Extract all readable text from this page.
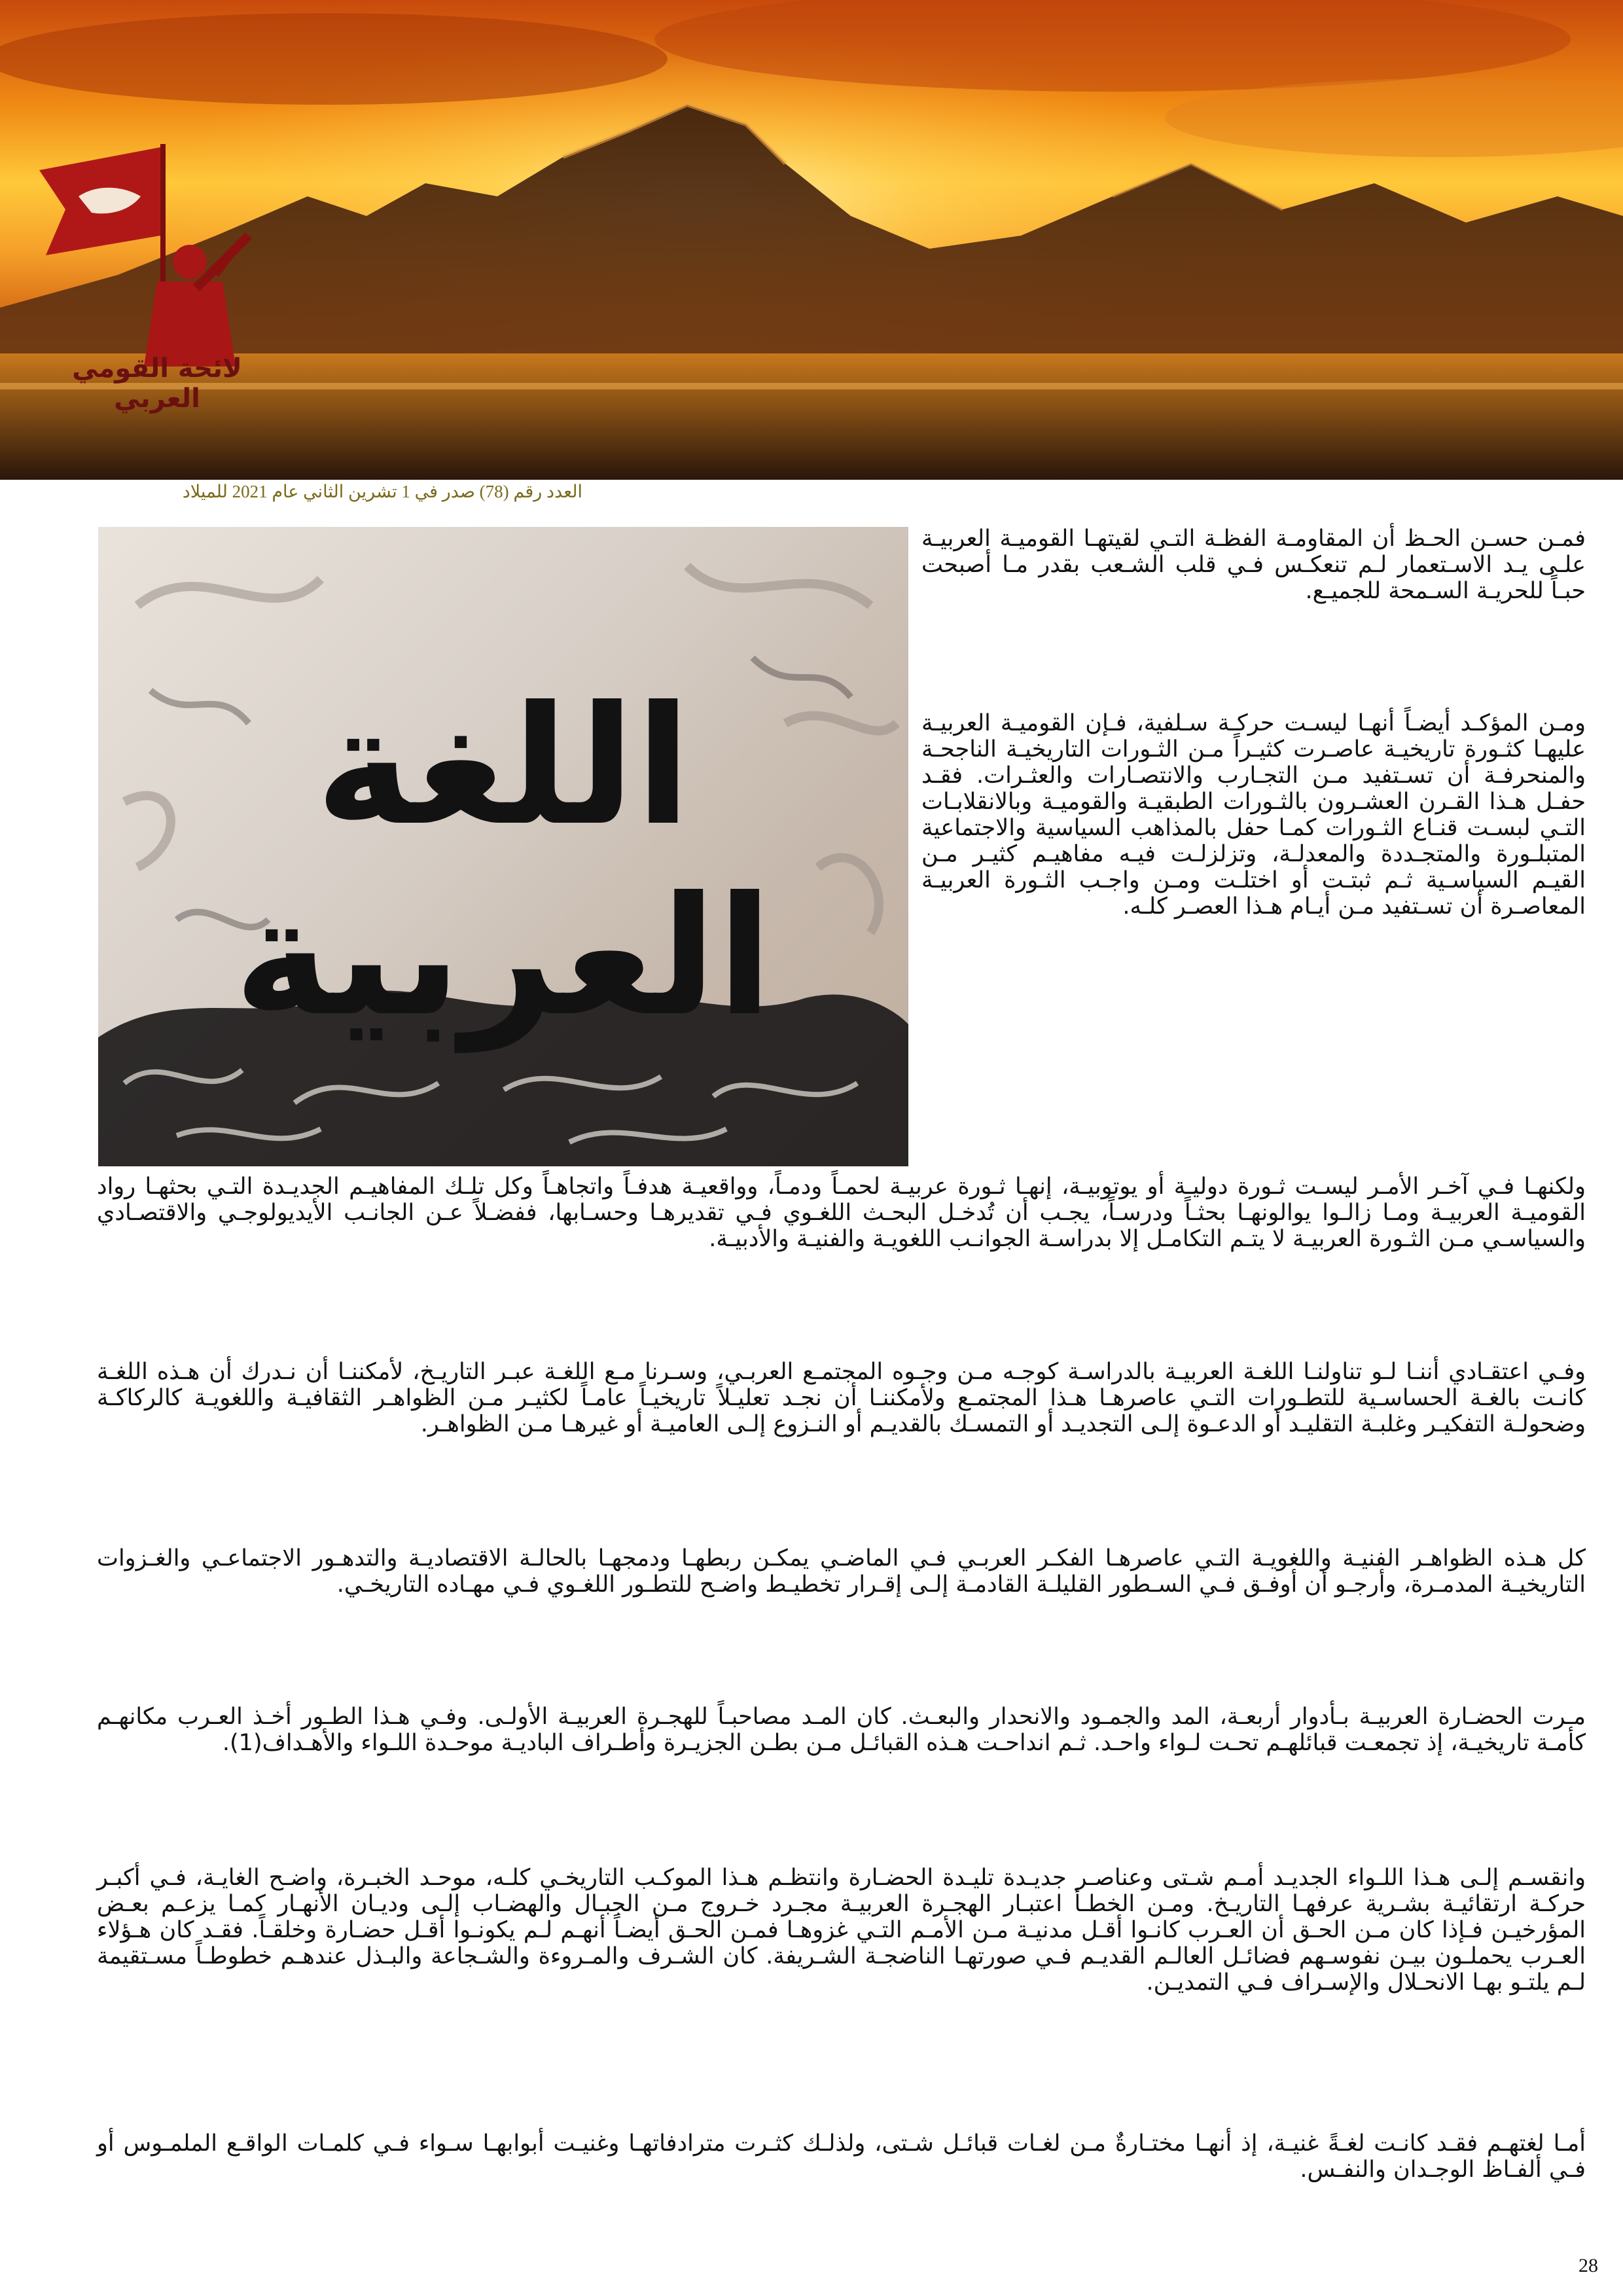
لائحة القومي العربي
العدد رقم (78) صدر في 1 تشرين الثاني عام 2021 للميلاد
اللغة العربية

فمـن حسـن الحـظ أن المقاومـة الفظـة التـي لقيتهـا القوميـة العربيـة علـى يـد الاسـتعمار لـم تنعكـس فـي قلب الشـعب بقدر مـا أصبحت حبـاً للحريـة السـمحة للجميـع.

ومـن المؤكـد أيضـاً أنهـا ليسـت حركـة سـلفية، فـإن القوميـة العربيـة عليهـا كثـورة تاريخيـة عاصـرت كثيـراً مـن الثـورات التاريخيـة الناجحـة والمنحرفـة أن تسـتفيد مـن التجـارب والانتصـارات والعثـرات. فقـد حفـل هـذا القـرن العشـرون بالثـورات الطبقيـة والقوميـة وبالانقلابـات التـي لبسـت قنـاع الثـورات كمـا حفل بالمذاهب السياسية والاجتماعية المتبلـورة والمتجـددة والمعدلـة، وتزلزلـت فيـه مفاهيـم كثيـر مـن القيـم السياسـية ثـم ثبتـت أو اختلـت ومـن واجـب الثـورة العربيـة المعاصـرة أن تسـتفيد مـن أيـام هـذا العصـر كلـه.

ولكنهـا فـي آخـر الأمـر ليسـت ثـورة دوليـة أو يوتوبيـة، إنهـا ثـورة عربيـة لحمـاً ودمـاً، وواقعيـة هدفـاً واتجاهـاً وكل تلـك المفاهيـم الجديـدة التـي بحثهـا رواد القوميـة العربيـة ومـا زالـوا يوالونهـا بحثـاً ودرسـاً، يجـب أن تُدخـل البحـث اللغـوي فـي تقديرهـا وحسـابها، ففضـلاً عـن الجانـب الأيديولوجـي والاقتصـادي والسياسـي مـن الثـورة العربيـة لا يتـم التكامـل إلا بدراسـة الجوانـب اللغويـة والفنيـة والأدبيـة.

وفـي اعتقـادي أننـا لـو تناولنـا اللغـة العربيـة بالدراسـة كوجـه مـن وجـوه المجتمـع العربـي، وسـرنا مـع اللغـة عبـر التاريـخ، لأمكننـا أن نـدرك أن هـذه اللغـة كانـت بالغـة الحساسـية للتطـورات التـي عاصرهـا هـذا المجتمـع ولأمكننـا أن نجـد تعليـلاً تاريخيـاً عامـاً لكثيـر مـن الظواهـر الثقافيـة واللغويـة كالركاكـة وضحولـة التفكيـر وغلبـة التقليـد أو الدعـوة إلـى التجديـد أو التمسـك بالقديـم أو النـزوع إلـى العاميـة أو غيرهـا مـن الظواهـر.

كل هـذه الظواهـر الفنيـة واللغويـة التـي عاصرهـا الفكـر العربـي فـي الماضـي يمكـن ربطهـا ودمجهـا بالحالـة الاقتصاديـة والتدهـور الاجتماعـي والغـزوات التاريخيـة المدمـرة، وأرجـو أن أوفـق فـي السـطور القليلـة القادمـة إلـى إقـرار تخطيـط واضـح للتطـور اللغـوي فـي مهـاده التاريخـي.

مـرت الحضـارة العربيـة بـأدوار أربعـة، المد والجمـود والانحدار والبعـث. كان المـد مصاحبـاً للهجـرة العربيـة الأولـى. وفـي هـذا الطـور أخـذ العـرب مكانهـم كأمـة تاريخيـة، إذ تجمعـت قبائلهـم تحـت لـواء واحـد. ثـم انداحـت هـذه القبائـل مـن بطـن الجزيـرة وأطـراف الباديـة موحـدة اللـواء والأهـداف(1).

وانقسـم إلـى هـذا اللـواء الجديـد أمـم شـتى وعناصـر جديـدة تليـدة الحضـارة وانتظـم هـذا الموكـب التاريخـي كلـه، موحـد الخبـرة، واضـح الغايـة، فـي أكبـر حركـة ارتقائيـة بشـرية عرفهـا التاريـخ. ومـن الخطـأ اعتبـار الهجـرة العربيـة مجـرد خـروج مـن الجبـال والهضـاب إلـى وديـان الأنهـار كمـا يزعـم بعـض المؤرخيـن فـإذا كان مـن الحـق أن العـرب كانـوا أقـل مدنيـة مـن الأمـم التـي غزوهـا فمـن الحـق أيضـاً أنهـم لـم يكونـوا أقـل حضـارة وخلقـاً. فقـد كان هـؤلاء العـرب يحملـون بيـن نفوسـهم فضائـل العالـم القديـم فـي صورتهـا الناضجـة الشـريفة. كان الشـرف والمـروءة والشـجاعة والبـذل عندهـم خطوطـاً مسـتقيمة لـم يلتـو بهـا الانحـلال والإسـراف فـي التمديـن.

أمـا لغتهـم فقـد كانـت لغـةً غنيـة، إذ أنهـا مختـارةٌ مـن لغـات قبائـل شـتى، ولذلـك كثـرت مترادفاتهـا وغنيـت أبوابهـا سـواء فـي كلمـات الواقـع الملمـوس أو فـي ألفـاظ الوجـدان والنفـس.

28
